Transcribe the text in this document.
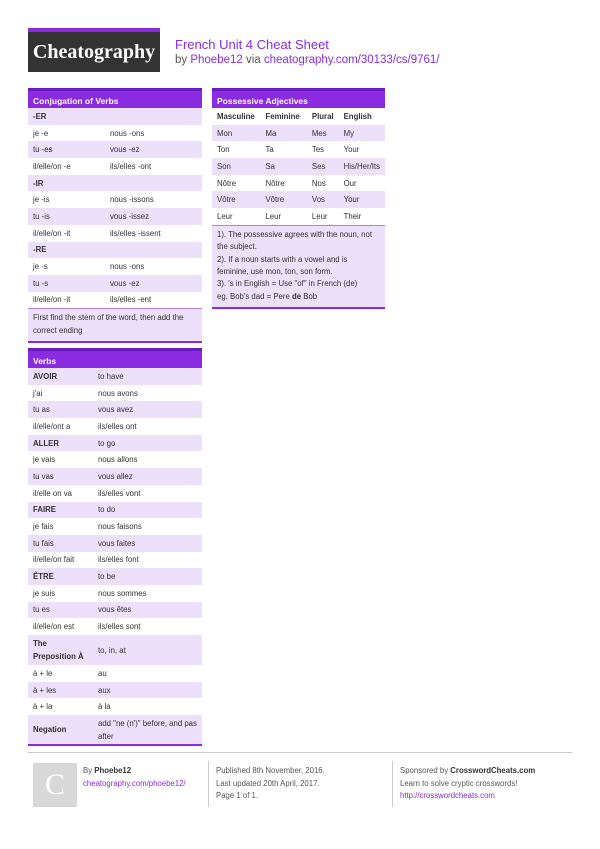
Cheatography	French Unit 4 Cheat Sheet
by Phoebe12 via cheatography.com/30133/cs/9761/
Conjugation of Verbs
-ER	
je -e	nous -ons
tu -es	vous -ez
il/elle/on -e	ils/elles -ont
-IR	
je -is	nous -issons
tu -is	vous -issez
il/elle/on -it	ils/elles -issent
-RE	
je -s	nous -ons
tu -s	vous -ez
il/elle/on -it	ils/elles -ent
First find the stem of the word, then add the correct ending
Verbs
AVOIR	to have
j'ai	nous avons
tu as	vous avez
il/elle/ont a	ils/elles ont
ALLER	to go
je vais	nous allons
tu vas	vous allez
il/elle on va	ils/elles vont
FAIRE	to do
je fais	nous faisons
tu fais	vous faites
il/elle/on fait	ils/elles font
ÊTRE	to be
je suis	nous sommes
tu es	vous êtes
il/elle/on est	ils/elles sont
The Preposition À	to, in, at
à + le	au
à + les	aux
à + la	à la
Negation	add "ne (n')" before, and pas after
Possessive Adjectives
Masculine	Feminine	Plural	English
Mon	Ma	Mes	My
Ton	Ta	Tes	Your
Son	Sa	Ses	His/Her/Its
Nôtre	Nôtre	Nos	Our
Vôtre	Vôtre	Vos	Your
Leur	Leur	Leur	Their
1). The possessive agrees with the noun, not the subject.
2). If a noun starts with a vowel and is feminine, use mon, ton, son form.
3). 's in English = Use "of" in French (de)
eg. Bob's dad = Pere de Bob
C	By Phoebe12
cheatography.com/phoebe12/
Published 8th November, 2016.
Last updated 20th April, 2017.
Page 1 of 1.
Sponsored by CrosswordCheats.com
Learn to solve cryptic crosswords!
http://crosswordcheats.com
